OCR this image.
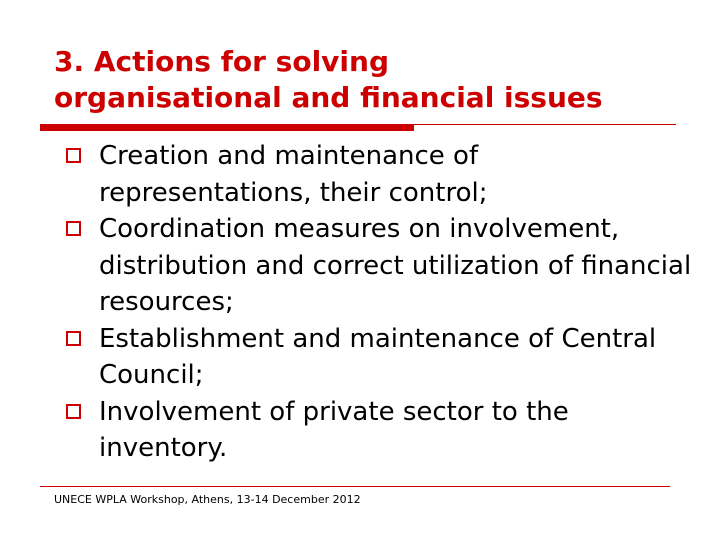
3. Actions for solving
organisational and financial issues
Creation and maintenance of representations, their control;
Coordination measures on involvement, distribution and correct utilization of financial resources;
Establishment and maintenance of Central Council;
Involvement of private sector to the inventory.
UNECE WPLA Workshop, Athens, 13-14 December 2012
